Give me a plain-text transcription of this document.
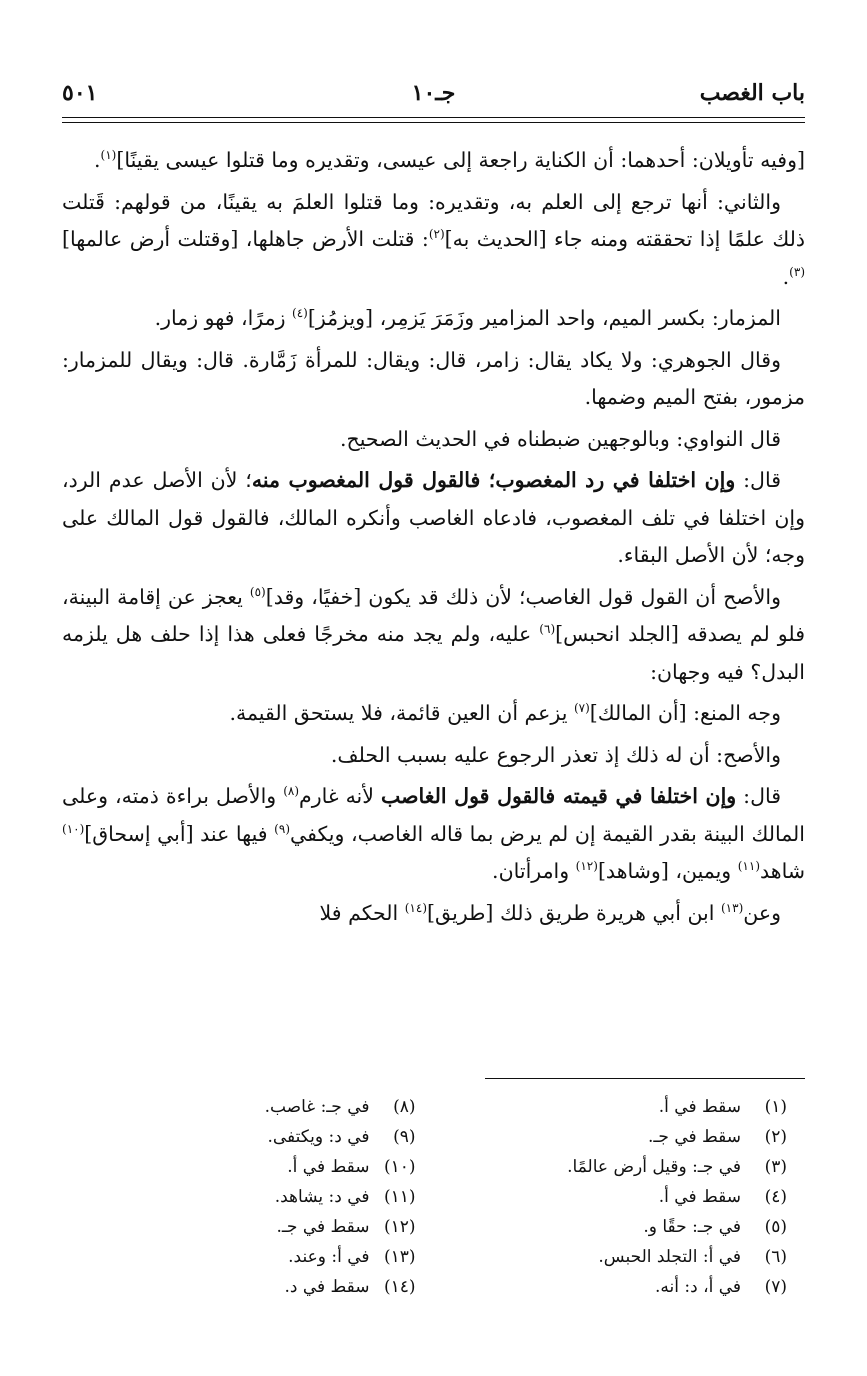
باب الغصب
جـ١٠
٥٠١

[وفيه تأويلان: أحدهما: أن الكناية راجعة إلى عيسى، وتقديره وما قتلوا عيسى يقينًا]$^{(١)}$.

والثاني: أنها ترجع إلى العلم به، وتقديره: وما قتلوا العلمَ به يقينًا، من قولهم: قَتلت ذلك علمًا إذا تحققته ومنه جاء [الحديث به]$^{(٢)}$: قتلت الأرض جاهلها، [وقتلت أرض عالمها]$^{(٣)}$.

المزمار: بكسر الميم، واحد المزامير وزَمَرَ يَزمِر، [ويزمُز]$^{(٤)}$ زمرًا، فهو زمار.

وقال الجوهري: ولا يكاد يقال: زامر، قال: ويقال: للمرأة زَمَّارة. قال: ويقال للمزمار: مزمور، بفتح الميم وضمها.

قال النواوي: وبالوجهين ضبطناه في الحديث الصحيح.

قال: وإن اختلفا في رد المغصوب؛ فالقول قول المغصوب منه؛ لأن الأصل عدم الرد، وإن اختلفا في تلف المغصوب، فادعاه الغاصب وأنكره المالك، فالقول قول المالك على وجه؛ لأن الأصل البقاء.

والأصح أن القول قول الغاصب؛ لأن ذلك قد يكون [خفيًا، وقد]$^{(٥)}$ يعجز عن إقامة البينة، فلو لم يصدقه [الجلد انحبس]$^{(٦)}$ عليه، ولم يجد منه مخرجًا فعلى هذا إذا حلف هل يلزمه البدل؟ فيه وجهان:

وجه المنع: [أن المالك]$^{(٧)}$ يزعم أن العين قائمة، فلا يستحق القيمة.

والأصح: أن له ذلك إذ تعذر الرجوع عليه بسبب الحلف.

قال: وإن اختلفا في قيمته فالقول قول الغاصب لأنه غارم$^{(٨)}$ والأصل براءة ذمته، وعلى المالك البينة بقدر القيمة إن لم يرض بما قاله الغاصب، ويكفي$^{(٩)}$ فيها عند [أبي إسحاق]$^{(١٠)}$ شاهد$^{(١١)}$ ويمين، [وشاهد]$^{(١٢)}$ وامرأتان.

وعن$^{(١٣)}$ ابن أبي هريرة طريق ذلك [طريق]$^{(١٤)}$ الحكم فلا

(١)
سقط في أ.
(٢)
سقط في جـ.
(٣)
في جـ: وقيل أرض عالمًا.
(٤)
سقط في أ.
(٥)
في جـ: حقًا و.
(٦)
في أ: التجلد الحبس.
(٧)
في أ، د: أنه.
(٨)
في جـ: غاصب.
(٩)
في د: ويكتفى.
(١٠)
سقط في أ.
(١١)
في د: يشاهد.
(١٢)
سقط في جـ.
(١٣)
في أ: وعند.
(١٤)
سقط في د.
